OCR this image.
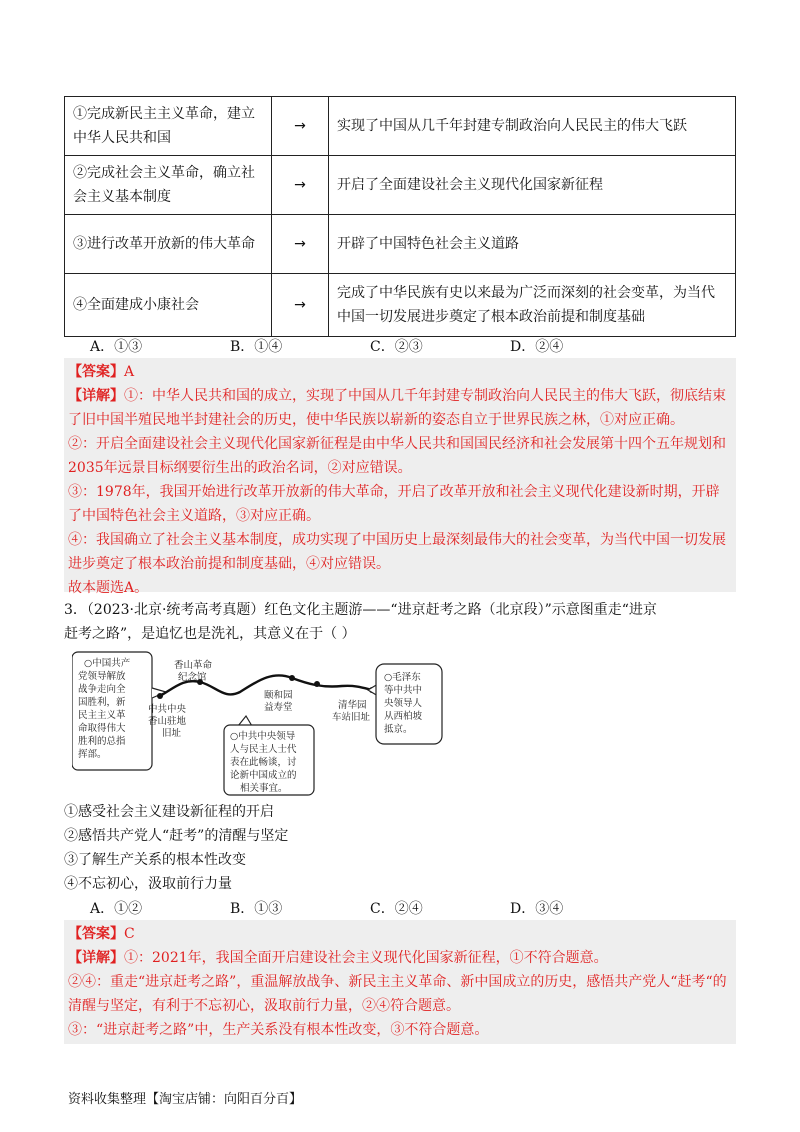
①完成新民主主义革命，建立中华人民共和国	→	实现了中国从几千年封建专制政治向人民民主的伟大飞跃
②完成社会主义革命，确立社会主义基本制度	→	开启了全面建设社会主义现代化国家新征程
③进行改革开放新的伟大革命	→	开辟了中国特色社会主义道路
④全面建成小康社会	→	完成了中华民族有史以来最为广泛而深刻的社会变革，为当代中国一切发展进步奠定了根本政治前提和制度基础
A．①③	B．①④	C．②③	D．②④

【答案】A

【详解】①：中华人民共和国的成立，实现了中国从几千年封建专制政治向人民民主的伟大飞跃，彻底结束了旧中国半殖民地半封建社会的历史，使中华民族以崭新的姿态自立于世界民族之林，①对应正确。

②：开启全面建设社会主义现代化国家新征程是由中华人民共和国国民经济和社会发展第十四个五年规划和2035年远景目标纲要衍生出的政治名词，②对应错误。

③：1978年，我国开始进行改革开放新的伟大革命，开启了改革开放和社会主义现代化建设新时期，开辟了中国特色社会主义道路，③对应正确。

④：我国确立了社会主义基本制度，成功实现了中国历史上最深刻最伟大的社会变革，为当代中国一切发展进步奠定了根本政治前提和制度基础，④对应错误。

故本题选A。

3．（2023·北京·统考高考真题）红色文化主题游——“进京赶考之路（北京段）”示意图重走“进京

赶考之路”，是追忆也是洗礼，其意义在于（ ）

○中国共产 党领导解放 战争走向全 国胜利，新 民主主义革 命取得伟大 胜利的总指 挥部。
中共中央 香山驻地 旧址
香山革命 纪念馆
颐和园 益寿堂	清华园 车站旧址
○中共中央领导 人与民主人士代 表在此畅谈，讨 论新中国成立的 相关事宜。
○毛泽东 等中共中 央领导人 从西柏坡 抵京。

①感受社会主义建设新征程的开启

②感悟共产党人“赶考”的清醒与坚定

③了解生产关系的根本性改变

④不忘初心，汲取前行力量

A．①②	B．①③	C．②④	D．③④

【答案】C

【详解】①：2021年，我国全面开启建设社会主义现代化国家新征程，①不符合题意。

②④：重走“进京赶考之路”，重温解放战争、新民主主义革命、新中国成立的历史，感悟共产党人“赶考“的清醒与坚定，有利于不忘初心，汲取前行力量，②④符合题意。

③：“进京赶考之路”中，生产关系没有根本性改变，③不符合题意。

资料收集整理【淘宝店铺：向阳百分百】
